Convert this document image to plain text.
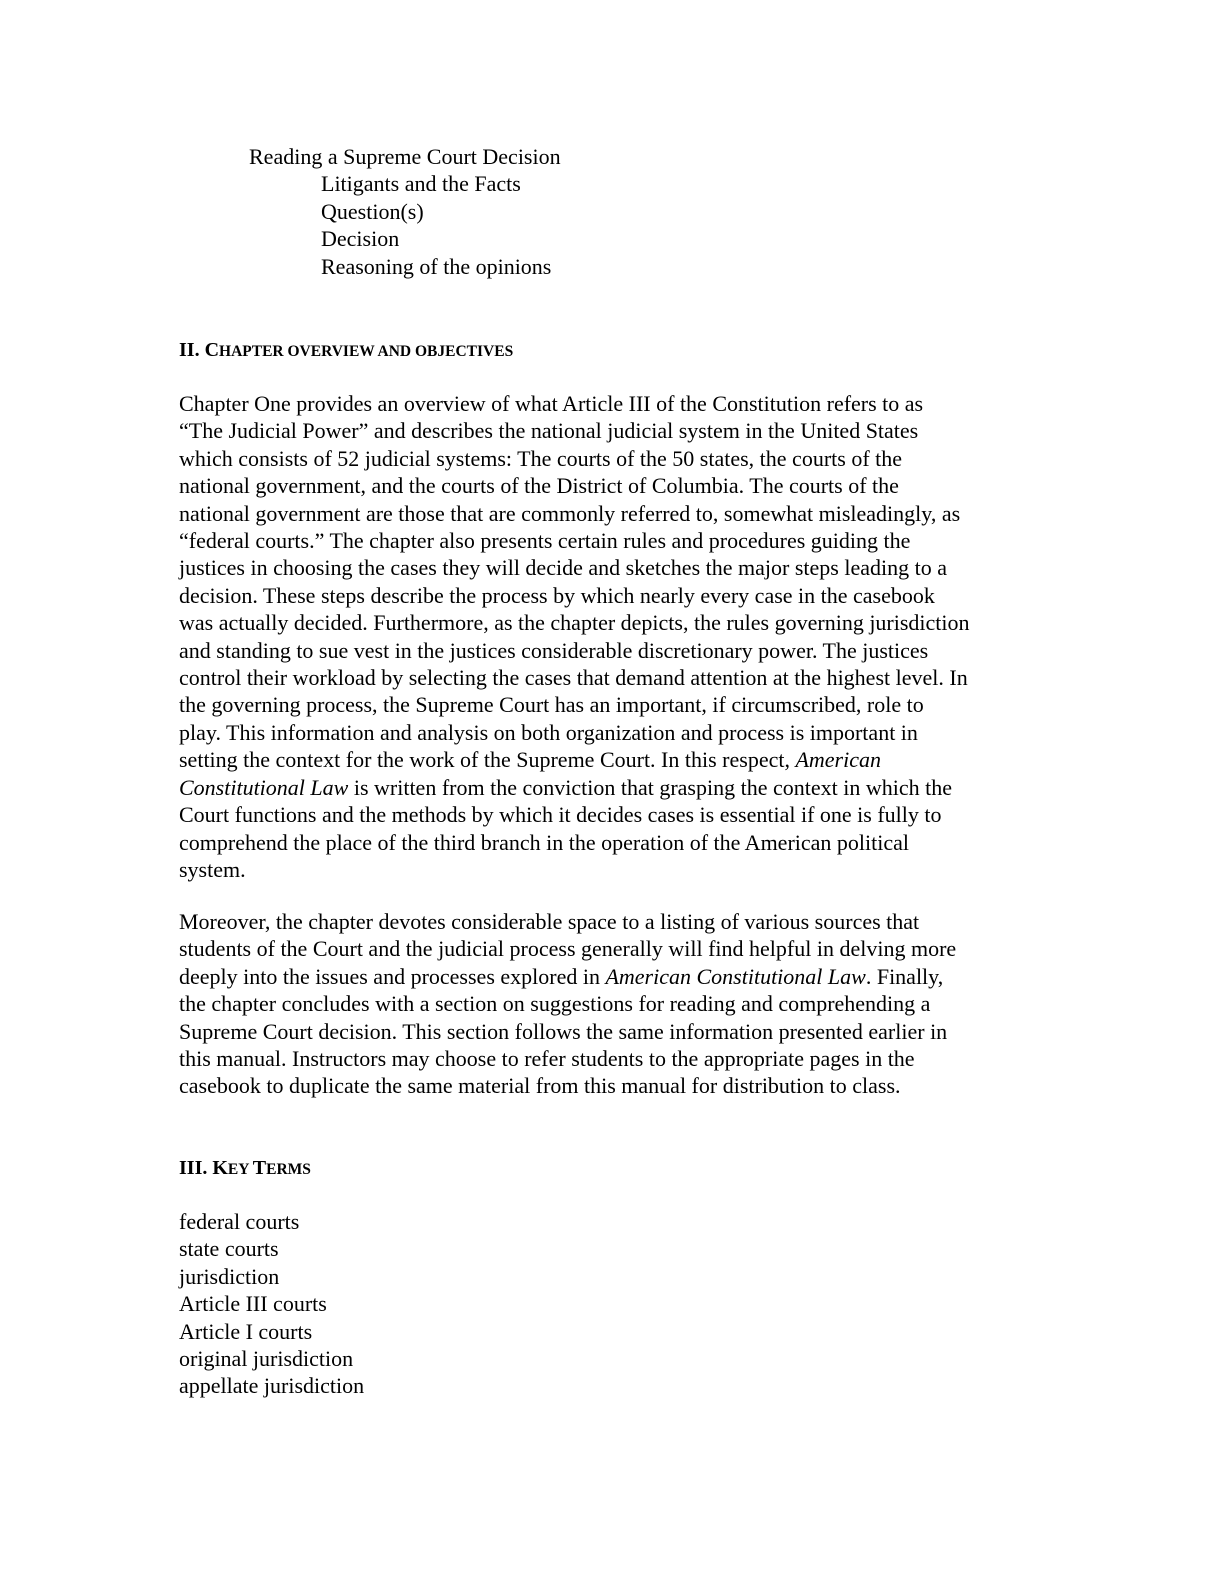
Reading a Supreme Court Decision
Litigants and the Facts
Question(s)
Decision
Reasoning of the opinions
II. CHAPTER OVERVIEW AND OBJECTIVES
Chapter One provides an overview of what Article III of the Constitution refers to as
“The Judicial Power” and describes the national judicial system in the United States
which consists of 52 judicial systems: The courts of the 50 states, the courts of the
national government, and the courts of the District of Columbia. The courts of the
national government are those that are commonly referred to, somewhat misleadingly, as
“federal courts.” The chapter also presents certain rules and procedures guiding the
justices in choosing the cases they will decide and sketches the major steps leading to a
decision. These steps describe the process by which nearly every case in the casebook
was actually decided. Furthermore, as the chapter depicts, the rules governing jurisdiction
and standing to sue vest in the justices considerable discretionary power. The justices
control their workload by selecting the cases that demand attention at the highest level. In
the governing process, the Supreme Court has an important, if circumscribed, role to
play. This information and analysis on both organization and process is important in
setting the context for the work of the Supreme Court. In this respect, American
Constitutional Law is written from the conviction that grasping the context in which the
Court functions and the methods by which it decides cases is essential if one is fully to
comprehend the place of the third branch in the operation of the American political
system.
Moreover, the chapter devotes considerable space to a listing of various sources that
students of the Court and the judicial process generally will find helpful in delving more
deeply into the issues and processes explored in American Constitutional Law. Finally,
the chapter concludes with a section on suggestions for reading and comprehending a
Supreme Court decision. This section follows the same information presented earlier in
this manual. Instructors may choose to refer students to the appropriate pages in the
casebook to duplicate the same material from this manual for distribution to class.
III. KEY TERMS
federal courts
state courts
jurisdiction
Article III courts
Article I courts
original jurisdiction
appellate jurisdiction
